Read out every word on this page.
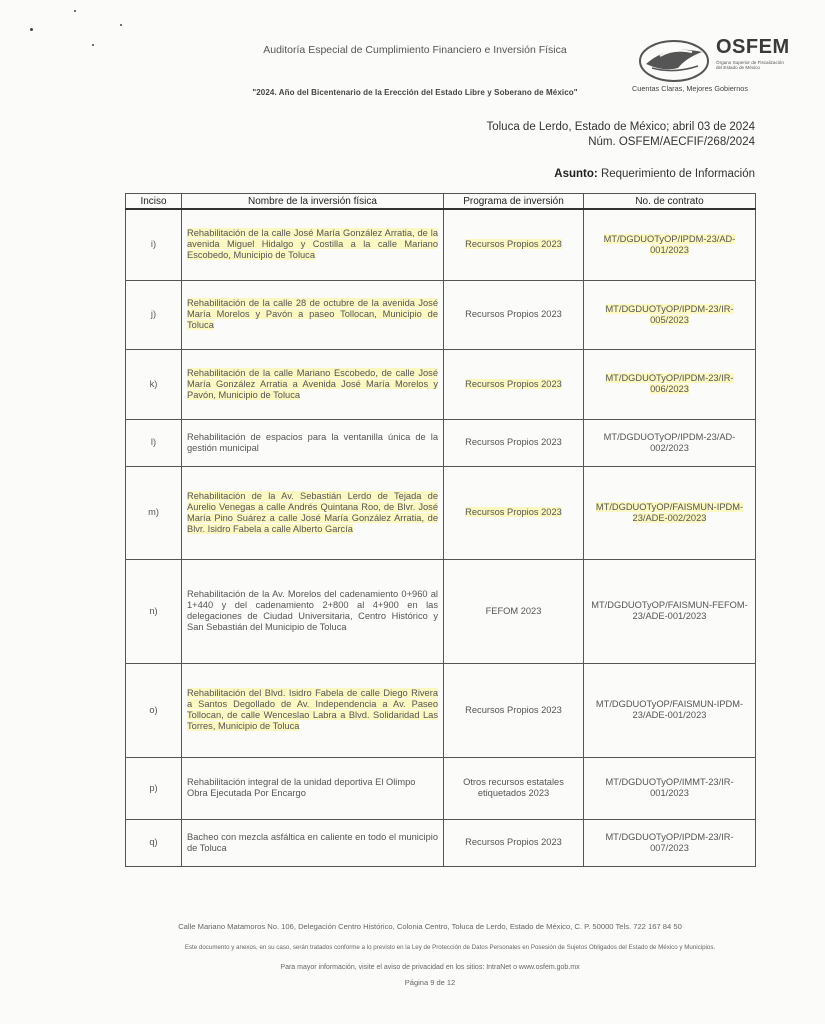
Auditoría Especial de Cumplimiento Financiero e Inversión Física
"2024. Año del Bicentenario de la Erección del Estado Libre y Soberano de México"
OSFEM
Órgano Superior de Fiscalización del Estado de México
Cuentas Claras, Mejores Gobiernos
Toluca de Lerdo, Estado de México; abril 03 de 2024
Núm. OSFEM/AECFIF/268/2024
Asunto: Requerimiento de Información
Inciso	Nombre de la inversión física	Programa de inversión	No. de contrato
i)	Rehabilitación de la calle José María González Arratia, de la avenida Miguel Hidalgo y Costilla a la calle Mariano Escobedo, Municipio de Toluca	Recursos Propios 2023	MT/DGDUOTyOP/IPDM-23/AD-001/2023
j)	Rehabilitación de la calle 28 de octubre de la avenida José María Morelos y Pavón a paseo Tollocan, Municipio de Toluca	Recursos Propios 2023	MT/DGDUOTyOP/IPDM-23/IR-005/2023
k)	Rehabilitación de la calle Mariano Escobedo, de calle José María González Arratia a Avenida José María Morelos y Pavón, Municipio de Toluca	Recursos Propios 2023	MT/DGDUOTyOP/IPDM-23/IR-006/2023
l)	Rehabilitación de espacios para la ventanilla única de la gestión municipal	Recursos Propios 2023	MT/DGDUOTyOP/IPDM-23/AD-002/2023
m)	Rehabilitación de la Av. Sebastián Lerdo de Tejada de Aurelio Venegas a calle Andrés Quintana Roo, de Blvr. José María Pino Suárez a calle José María González Arratia, de Blvr. Isidro Fabela a calle Alberto García	Recursos Propios 2023	MT/DGDUOTyOP/FAISMUN-IPDM-23/ADE-002/2023
n)	Rehabilitación de la Av. Morelos del cadenamiento 0+960 al 1+440 y del cadenamiento 2+800 al 4+900 en las delegaciones de Ciudad Universitaria, Centro Histórico y San Sebastián del Municipio de Toluca	FEFOM 2023	MT/DGDUOTyOP/FAISMUN-FEFOM-23/ADE-001/2023
o)	Rehabilitación del Blvd. Isidro Fabela de calle Diego Rivera a Santos Degollado de Av. Independencia a Av. Paseo Tollocan, de calle Wenceslao Labra a Blvd. Solidaridad Las Torres, Municipio de Toluca	Recursos Propios 2023	MT/DGDUOTyOP/FAISMUN-IPDM-23/ADE-001/2023
p)	Rehabilitación integral de la unidad deportiva El Olimpo
Obra Ejecutada Por Encargo	Otros recursos estatales etiquetados 2023	MT/DGDUOTyOP/IMMT-23/IR-001/2023
q)	Bacheo con mezcla asfáltica en caliente en todo el municipio de Toluca	Recursos Propios 2023	MT/DGDUOTyOP/IPDM-23/IR-007/2023
Calle Mariano Matamoros No. 106, Delegación Centro Histórico, Colonia Centro, Toluca de Lerdo, Estado de México, C. P. 50000 Tels. 722 167 84 50
Este documento y anexos, en su caso, serán tratados conforme a lo previsto en la Ley de Protección de Datos Personales en Posesión de Sujetos Obligados del Estado de México y Municipios.
Para mayor información, visite el aviso de privacidad en los sitios: IntraNet o www.osfem.gob.mx
Página 9 de 12
